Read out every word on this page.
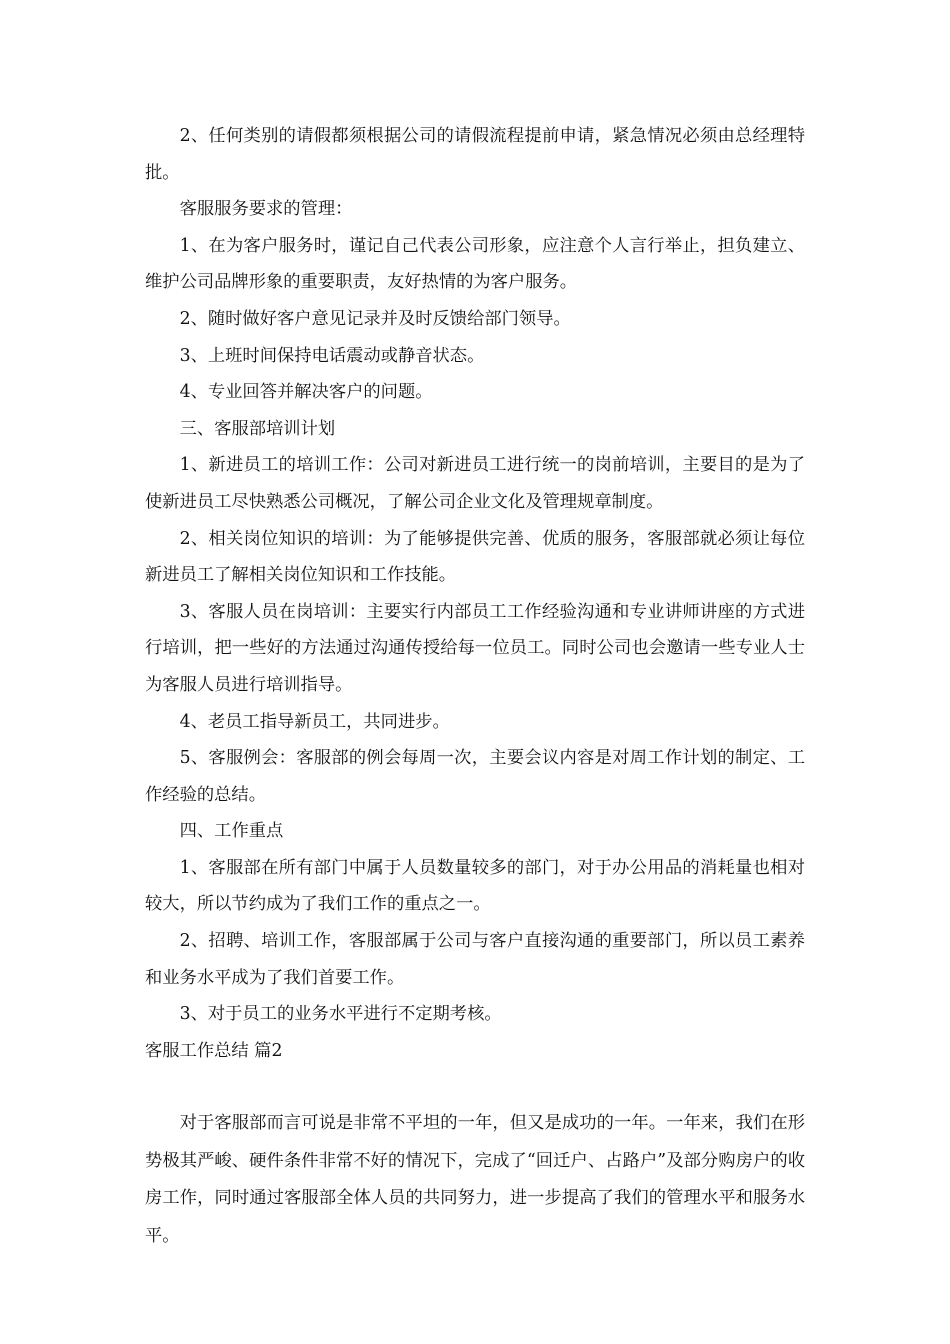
2、任何类别的请假都须根据公司的请假流程提前申请，紧急情况必须由总经理特批。

客服服务要求的管理：

1、在为客户服务时，谨记自己代表公司形象，应注意个人言行举止，担负建立、维护公司品牌形象的重要职责，友好热情的为客户服务。

2、随时做好客户意见记录并及时反馈给部门领导。

3、上班时间保持电话震动或静音状态。

4、专业回答并解决客户的问题。

三、客服部培训计划

1、新进员工的培训工作：公司对新进员工进行统一的岗前培训，主要目的是为了使新进员工尽快熟悉公司概况，了解公司企业文化及管理规章制度。

2、相关岗位知识的培训：为了能够提供完善、优质的服务，客服部就必须让每位新进员工了解相关岗位知识和工作技能。

3、客服人员在岗培训：主要实行内部员工工作经验沟通和专业讲师讲座的方式进行培训，把一些好的方法通过沟通传授给每一位员工。同时公司也会邀请一些专业人士为客服人员进行培训指导。

4、老员工指导新员工，共同进步。

5、客服例会：客服部的例会每周一次，主要会议内容是对周工作计划的制定、工作经验的总结。

四、工作重点

1、客服部在所有部门中属于人员数量较多的部门，对于办公用品的消耗量也相对较大，所以节约成为了我们工作的重点之一。

2、招聘、培训工作，客服部属于公司与客户直接沟通的重要部门，所以员工素养和业务水平成为了我们首要工作。

3、对于员工的业务水平进行不定期考核。

客服工作总结 篇2

对于客服部而言可说是非常不平坦的一年，但又是成功的一年。一年来，我们在形势极其严峻、硬件条件非常不好的情况下，完成了“回迁户、占路户”及部分购房户的收房工作，同时通过客服部全体人员的共同努力，进一步提高了我们的管理水平和服务水平。
